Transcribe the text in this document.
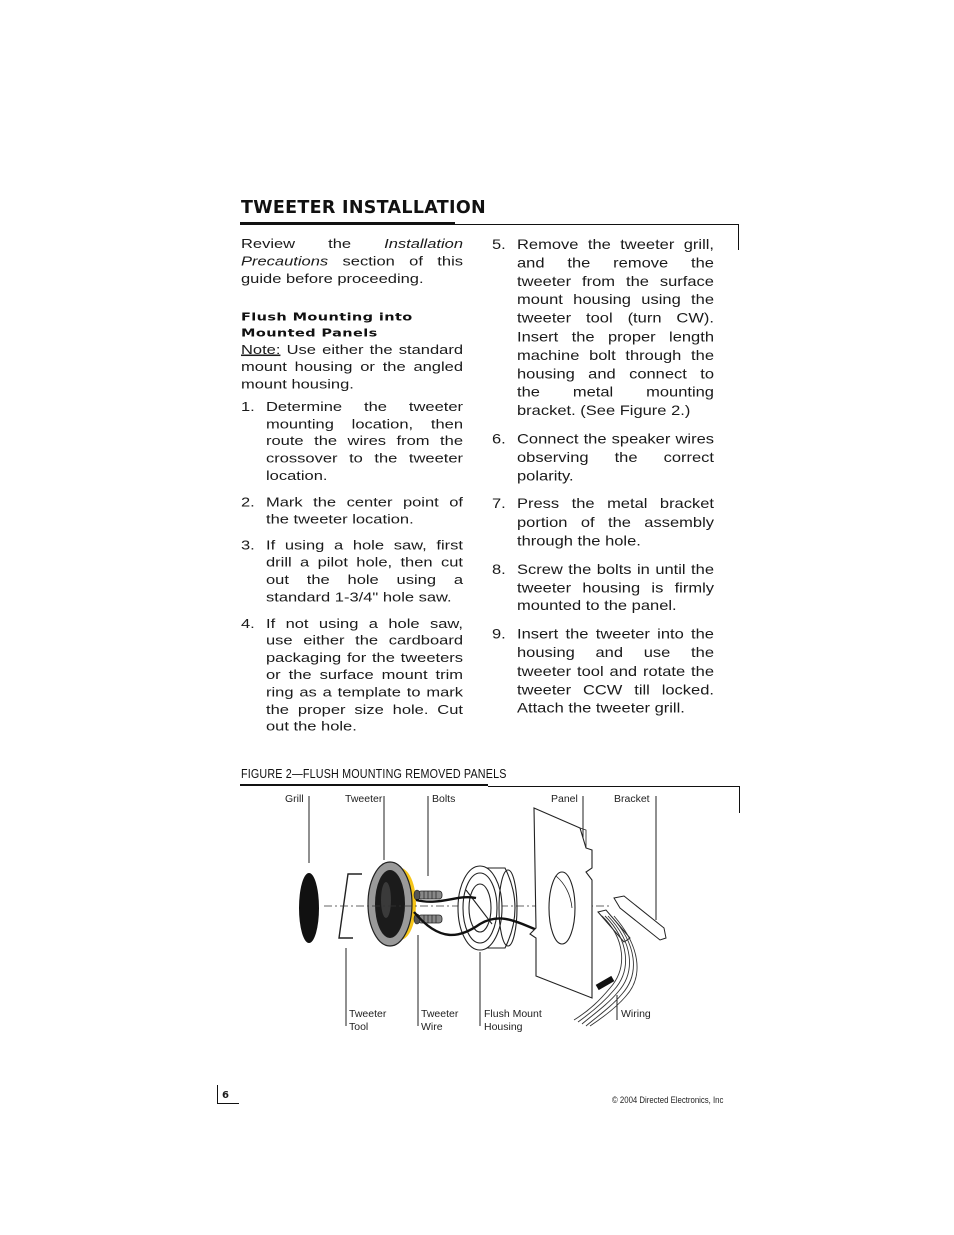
TWEETER INSTALLATION

Review the Installation Precautions section of this guide before proceeding.

Flush Mounting into
Mounted Panels

Note: Use either the standard mount housing or the angled mount housing.

1. Determine the tweeter mounting location, then route the wires from the crossover to the tweeter location.
2. Mark the center point of the tweeter location.
3. If using a hole saw, first drill a pilot hole, then cut out the hole using a standard 1-3/4" hole saw.
4. If not using a hole saw, use either the cardboard packaging for the tweeters or the surface mount trim ring as a template to mark the proper size hole. Cut out the hole.
5. Remove the tweeter grill, and the remove the tweeter from the surface mount housing using the tweeter tool (turn CW). Insert the proper length machine bolt through the housing and connect to the metal mounting bracket. (See Figure 2.)
6. Connect the speaker wires observing the correct polarity.
7. Press the metal bracket portion of the assembly through the hole.
8. Screw the bolts in until the tweeter housing is firmly mounted to the panel.
9. Insert the tweeter into the housing and use the tweeter tool and rotate the tweeter CCW till locked. Attach the tweeter grill.
FIGURE 2—FLUSH MOUNTING REMOVED PANELS
Grill	Tweeter	Bolts	Panel	Bracket
Tweeter
Tool
Tweeter
Wire
Flush Mount
Housing
Wiring
6	© 2004 Directed Electronics, Inc
